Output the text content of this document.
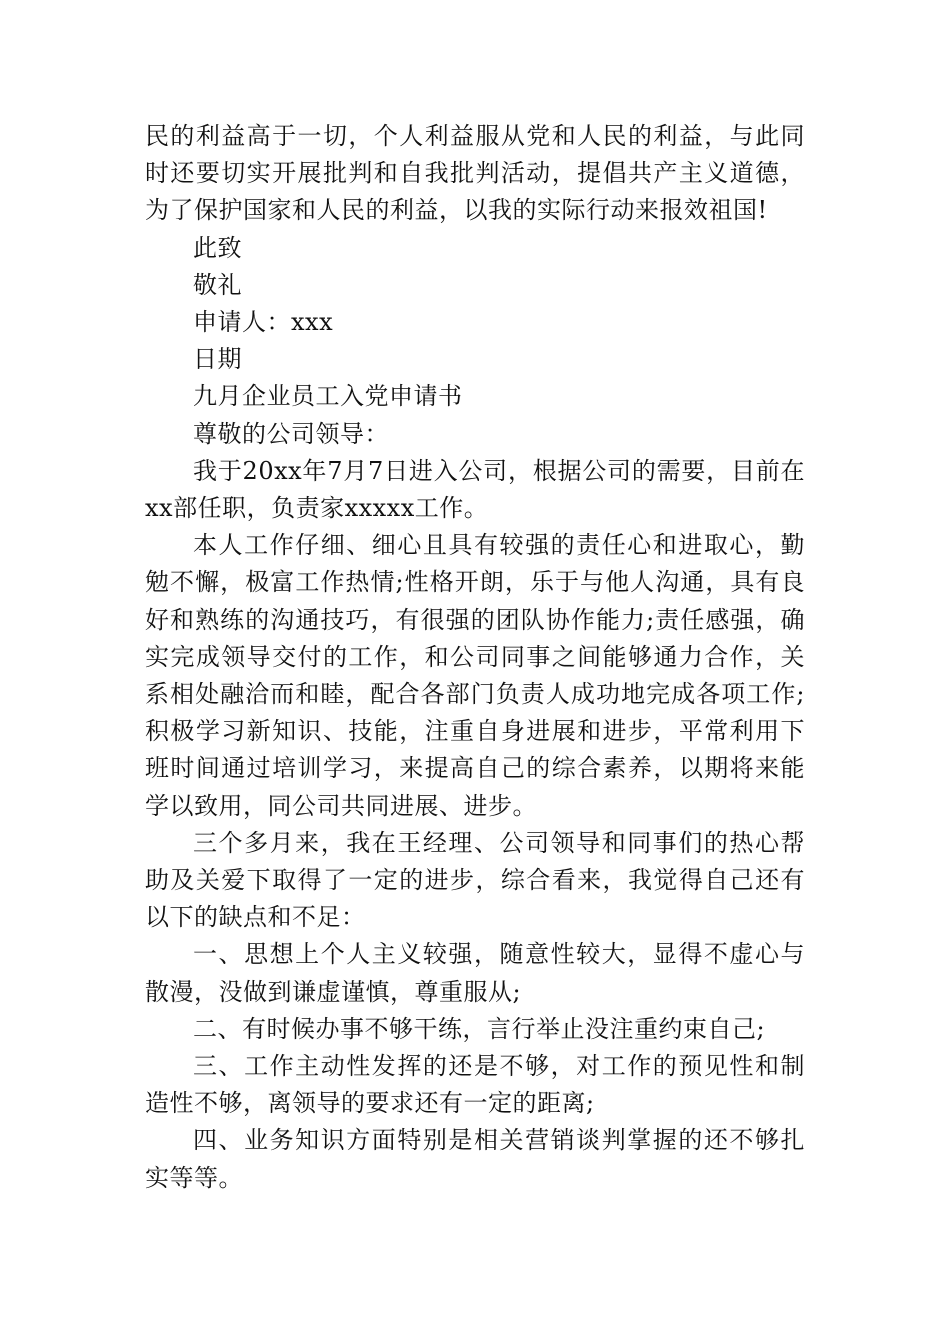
民的利益高于一切，个人利益服从党和人民的利益，与此同时还要切实开展批判和自我批判活动，提倡共产主义道德，为了保护国家和人民的利益，以我的实际行动来报效祖国!

此致

敬礼

申请人：xxx

日期

九月企业员工入党申请书

尊敬的公司领导：

我于20xx年7月7日进入公司，根据公司的需要，目前在xx部任职，负责家xxxxx工作。

本人工作仔细、细心且具有较强的责任心和进取心，勤勉不懈，极富工作热情;性格开朗，乐于与他人沟通，具有良好和熟练的沟通技巧，有很强的团队协作能力;责任感强，确实完成领导交付的工作，和公司同事之间能够通力合作，关系相处融洽而和睦，配合各部门负责人成功地完成各项工作;积极学习新知识、技能，注重自身进展和进步，平常利用下班时间通过培训学习，来提高自己的综合素养，以期将来能学以致用，同公司共同进展、进步。

三个多月来，我在王经理、公司领导和同事们的热心帮助及关爱下取得了一定的进步，综合看来，我觉得自己还有以下的缺点和不足：

一、思想上个人主义较强，随意性较大，显得不虚心与散漫，没做到谦虚谨慎，尊重服从;

二、有时候办事不够干练，言行举止没注重约束自己;

三、工作主动性发挥的还是不够，对工作的预见性和制造性不够，离领导的要求还有一定的距离;

四、业务知识方面特别是相关营销谈判掌握的还不够扎实等等。
